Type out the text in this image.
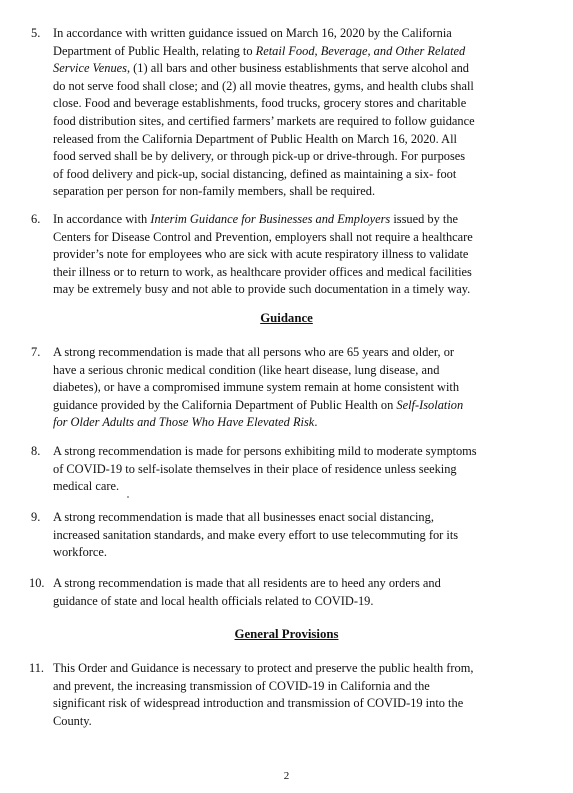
5. In accordance with written guidance issued on March 16, 2020 by the California
Department of Public Health, relating to Retail Food, Beverage, and Other Related
Service Venues, (1) all bars and other business establishments that serve alcohol and
do not serve food shall close; and (2) all movie theatres, gyms, and health clubs shall
close. Food and beverage establishments, food trucks, grocery stores and charitable
food distribution sites, and certified farmers’ markets are required to follow guidance
released from the California Department of Public Health on March 16, 2020. All
food served shall be by delivery, or through pick-up or drive-through. For purposes
of food delivery and pick-up, social distancing, defined as maintaining a six- foot
separation per person for non-family members, shall be required.
6. In accordance with Interim Guidance for Businesses and Employers issued by the
Centers for Disease Control and Prevention, employers shall not require a healthcare
provider’s note for employees who are sick with acute respiratory illness to validate
their illness or to return to work, as healthcare provider offices and medical facilities
may be extremely busy and not able to provide such documentation in a timely way.
Guidance
7. A strong recommendation is made that all persons who are 65 years and older, or
have a serious chronic medical condition (like heart disease, lung disease, and
diabetes), or have a compromised immune system remain at home consistent with
guidance provided by the California Department of Public Health on Self-Isolation
for Older Adults and Those Who Have Elevated Risk.
8. A strong recommendation is made for persons exhibiting mild to moderate symptoms
of COVID-19 to self-isolate themselves in their place of residence unless seeking
medical care.
9. A strong recommendation is made that all businesses enact social distancing,
increased sanitation standards, and make every effort to use telecommuting for its
workforce.
10. A strong recommendation is made that all residents are to heed any orders and
guidance of state and local health officials related to COVID-19.
General Provisions
11. This Order and Guidance is necessary to protect and preserve the public health from,
and prevent, the increasing transmission of COVID-19 in California and the
significant risk of widespread introduction and transmission of COVID-19 into the
County.
2
